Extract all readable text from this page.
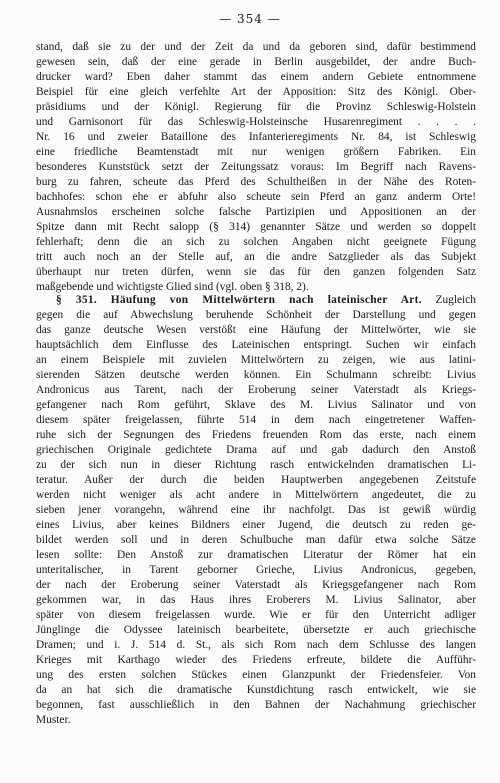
— 354 —
stand, daß sie zu der und der Zeit da und da geboren sind, dafür bestimmend
gewesen sein, daß der eine gerade in Berlin ausgebildet, der andre Buch-
drucker ward? Eben daher stammt das einem andern Gebiete entnommene
Beispiel für eine gleich verfehlte Art der Apposition: Sitz des Königl. Ober-
präsidiums und der Königl. Regierung für die Provinz Schleswig-Holstein
und Garnisonort für das Schleswig-Holsteinsche Husarenregiment . . . .
Nr. 16 und zweier Bataillone des Infanterieregiments Nr. 84, ist Schleswig
eine friedliche Beamtenstadt mit nur wenigen größern Fabriken. Ein
besonderes Kunststück setzt der Zeitungssatz voraus: Im Begriff nach Ravens-
burg zu fahren, scheute das Pferd des Schultheißen in der Nähe des Roten-
bachhofes: schon ehe er abfuhr also scheute sein Pferd an ganz anderm Orte!
Ausnahmslos erscheinen solche falsche Partizipien und Appositionen an der
Spitze dann mit Recht salopp (§ 314) genannter Sätze und werden so doppelt
fehlerhaft; denn die an sich zu solchen Angaben nicht geeignete Fügung
tritt auch noch an der Stelle auf, an die andre Satzglieder als das Subjekt
überhaupt nur treten dürfen, wenn sie das für den ganzen folgenden Satz
maßgebende und wichtigste Glied sind (vgl. oben § 318, 2).
§ 351. Häufung von Mittelwörtern nach lateinischer Art. Zugleich
gegen die auf Abwechslung beruhende Schönheit der Darstellung und gegen
das ganze deutsche Wesen verstößt eine Häufung der Mittelwörter, wie sie
hauptsächlich dem Einflusse des Lateinischen entspringt. Suchen wir einfach
an einem Beispiele mit zuvielen Mittelwörtern zu zeigen, wie aus latini-
sierenden Sätzen deutsche werden können. Ein Schulmann schreibt: Livius
Andronicus aus Tarent, nach der Eroberung seiner Vaterstadt als Kriegs-
gefangener nach Rom geführt, Sklave des M. Livius Salinator und von
diesem später freigelassen, führte 514 in dem nach eingetretener Waffen-
ruhe sich der Segnungen des Friedens freuenden Rom das erste, nach einem
griechischen Originale gedichtete Drama auf und gab dadurch den Anstoß
zu der sich nun in dieser Richtung rasch entwickelnden dramatischen Li-
teratur. Außer der durch die beiden Hauptwerben angegebenen Zeitstufe
werden nicht weniger als acht andere in Mittelwörtern angedeutet, die zu
sieben jener vorangehn, während eine ihr nachfolgt. Das ist gewiß würdig
eines Livius, aber keines Bildners einer Jugend, die deutsch zu reden ge-
bildet werden soll und in deren Schulbuche man dafür etwa solche Sätze
lesen sollte: Den Anstoß zur dramatischen Literatur der Römer hat ein
unteritalischer, in Tarent geborner Grieche, Livius Andronicus, gegeben,
der nach der Eroberung seiner Vaterstadt als Kriegsgefangener nach Rom
gekommen war, in das Haus ihres Eroberers M. Livius Salinator, aber
später von diesem freigelassen wurde. Wie er für den Unterricht adliger
Jünglinge die Odyssee lateinisch bearbeitete, übersetzte er auch griechische
Dramen; und i. J. 514 d. St., als sich Rom nach dem Schlusse des langen
Krieges mit Karthago wieder des Friedens erfreute, bildete die Aufführ-
ung des ersten solchen Stückes einen Glanzpunkt der Friedensfeier. Von
da an hat sich die dramatische Kunstdichtung rasch entwickelt, wie sie
begonnen, fast ausschließlich in den Bahnen der Nachahmung griechischer
Muster.
